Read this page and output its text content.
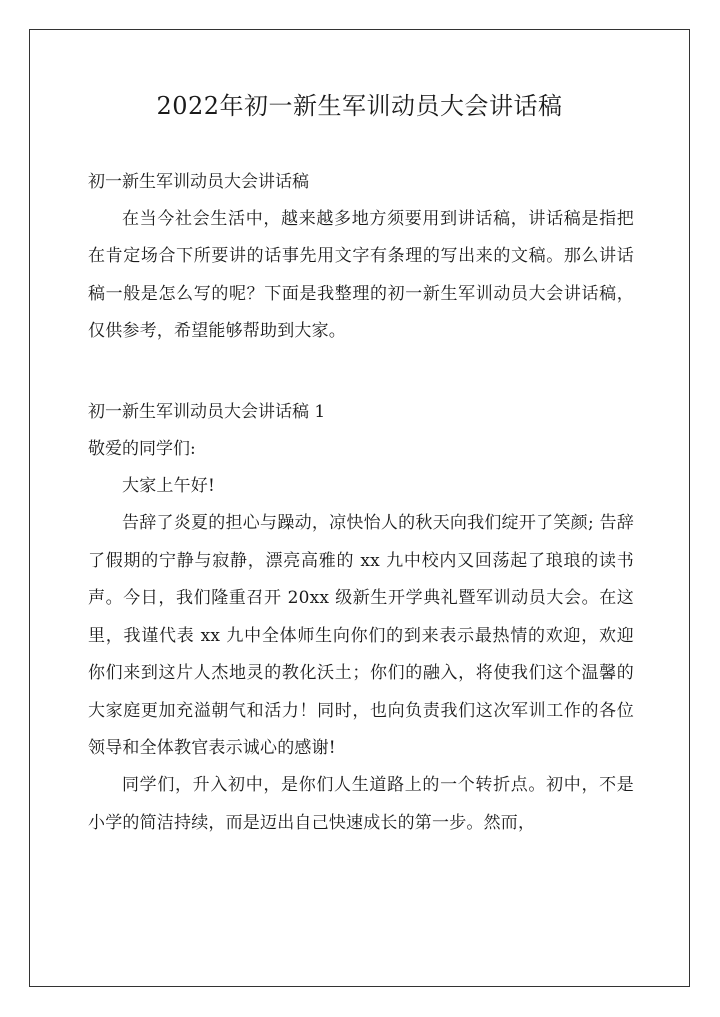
2022年初一新生军训动员大会讲话稿

初一新生军训动员大会讲话稿

在当今社会生活中，越来越多地方须要用到讲话稿，讲话稿是指把在肯定场合下所要讲的话事先用文字有条理的写出来的文稿。那么讲话稿一般是怎么写的呢？下面是我整理的初一新生军训动员大会讲话稿，仅供参考，希望能够帮助到大家。

初一新生军训动员大会讲话稿 1

敬爱的同学们:

大家上午好!

告辞了炎夏的担心与躁动，凉快怡人的秋天向我们绽开了笑颜; 告辞了假期的宁静与寂静，漂亮高雅的 xx 九中校内又回荡起了琅琅的读书声。今日，我们隆重召开 20xx 级新生开学典礼暨军训动员大会。在这里，我谨代表 xx 九中全体师生向你们的到来表示最热情的欢迎，欢迎你们来到这片人杰地灵的教化沃土；你们的融入，将使我们这个温馨的大家庭更加充溢朝气和活力！同时，也向负责我们这次军训工作的各位领导和全体教官表示诚心的感谢!

同学们，升入初中，是你们人生道路上的一个转折点。初中，不是小学的简洁持续，而是迈出自己快速成长的第一步。然而，
